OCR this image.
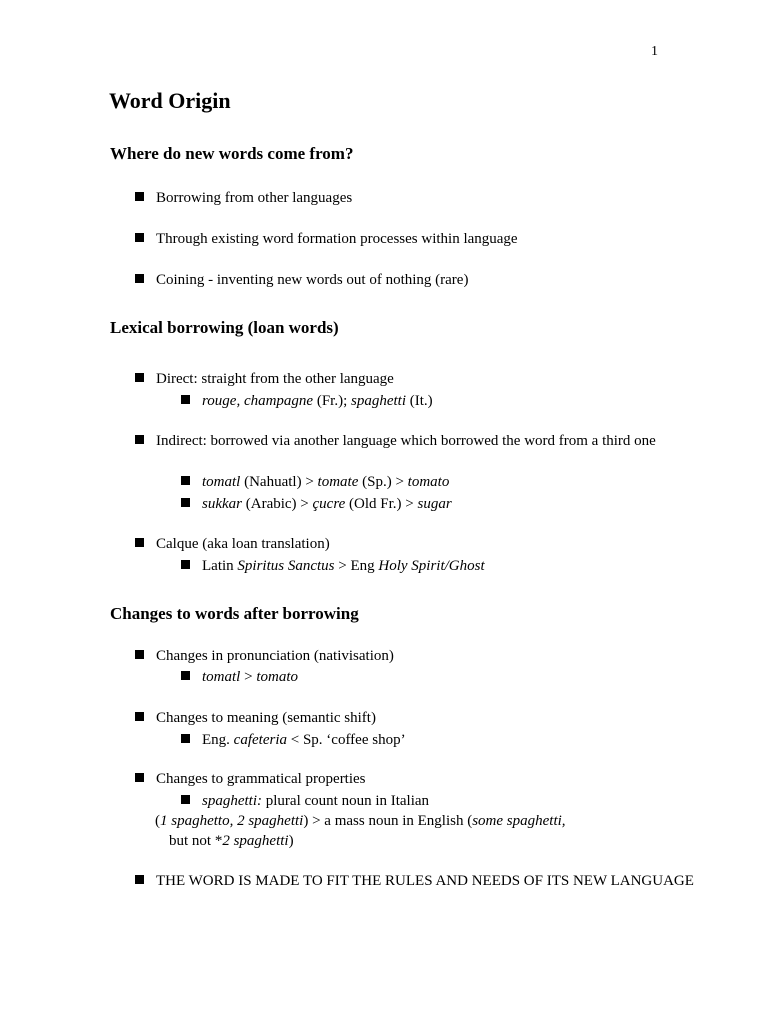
1
Word Origin
Where do new words come from?
Borrowing from other languages
Through existing word formation processes within language
Coining - inventing new words out of nothing (rare)
Lexical borrowing (loan words)
Direct: straight from the other language
rouge, champagne (Fr.); spaghetti (It.)
Indirect: borrowed via another language which borrowed the word from a third one
tomatl (Nahuatl) > tomate (Sp.) > tomato
sukkar (Arabic) > çucre (Old Fr.) > sugar
Calque (aka loan translation)
Latin Spiritus Sanctus > Eng Holy Spirit/Ghost
Changes to words after borrowing
Changes in pronunciation (nativisation)
tomatl > tomato
Changes to meaning (semantic shift)
Eng. cafeteria < Sp. ‘coffee shop’
Changes to grammatical properties
spaghetti: plural count noun in Italian
(1 spaghetto, 2 spaghetti) > a mass noun in English (some spaghetti,
but not *2 spaghetti)
THE WORD IS MADE TO FIT THE RULES AND NEEDS OF ITS NEW LANGUAGE
